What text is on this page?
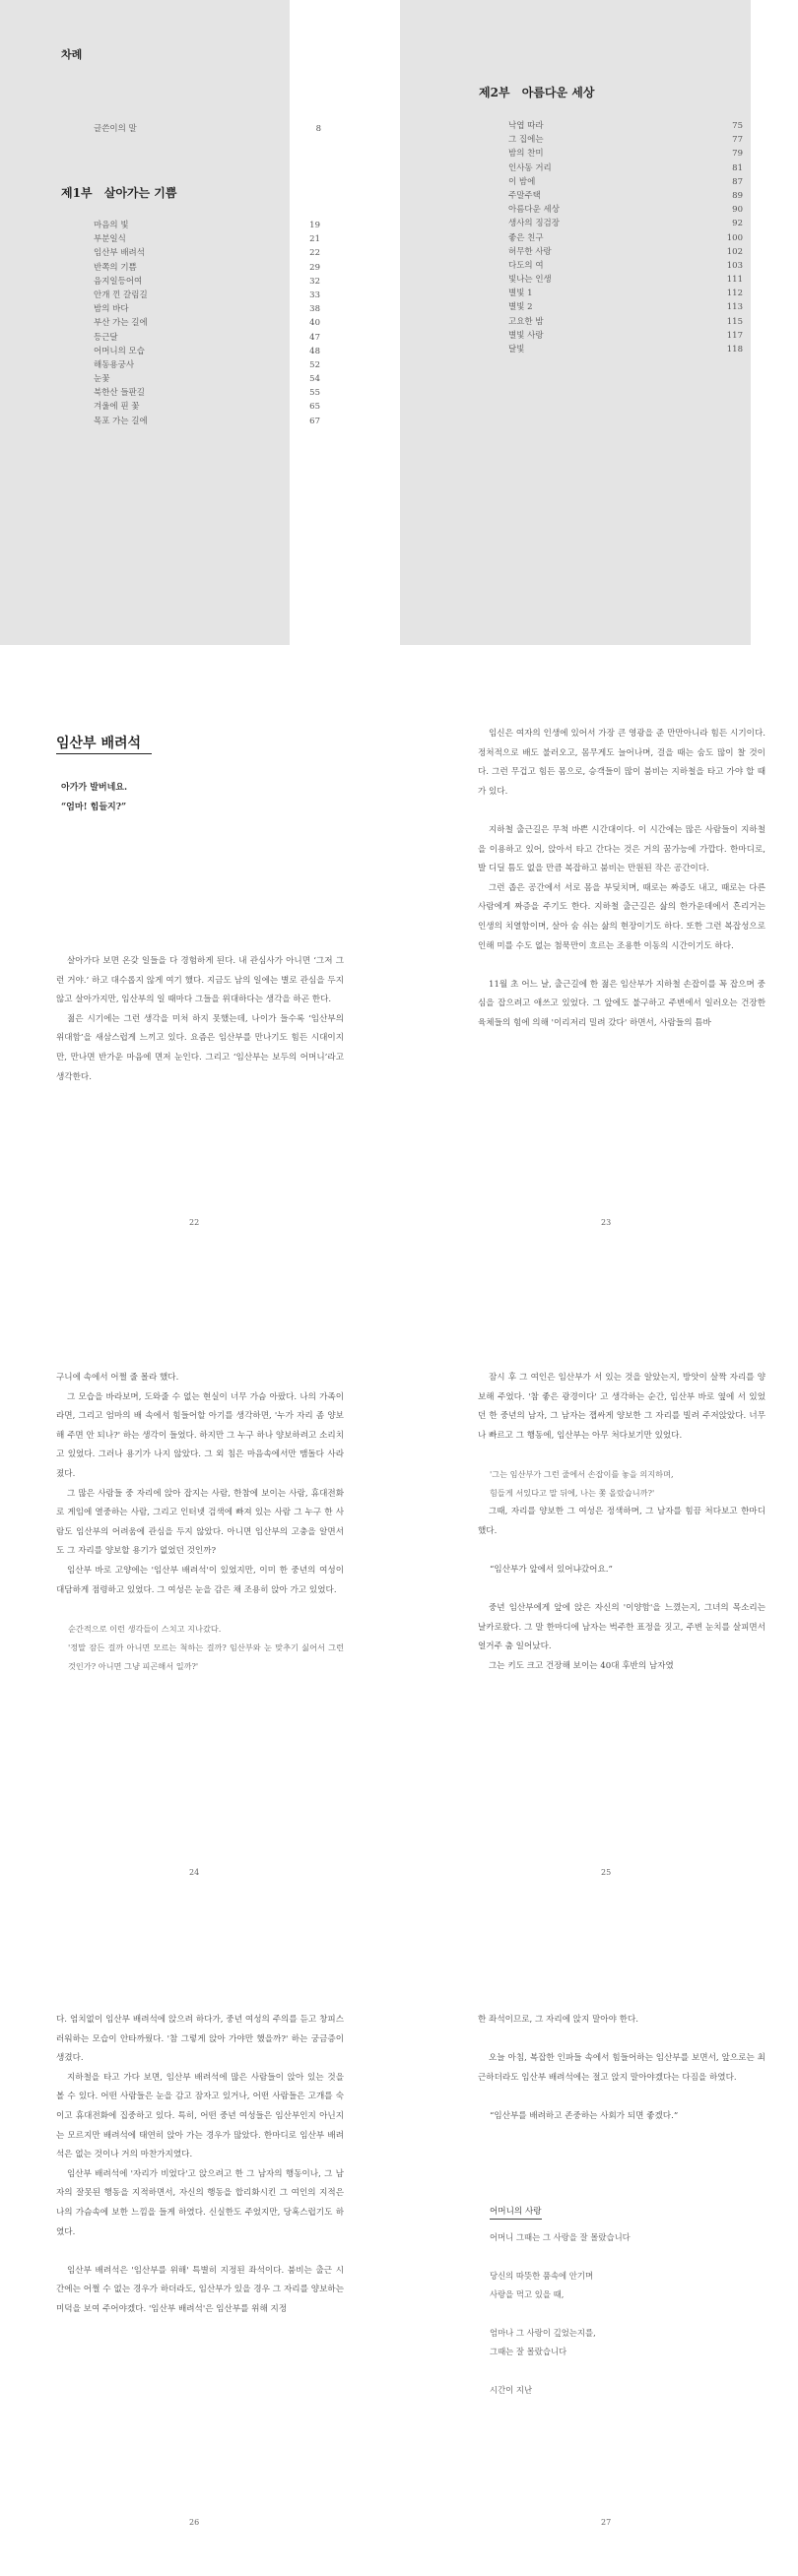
차례
글쓴이의 말	8
제1부 살아가는 기쁨
마음의 빛	19
부분일식	21
임산부 배려석	22
반쪽의 기쁨	29
음지일등어여	32
안개 낀 갈림길	33
밤의 바다	38
부산 가는 길에	40
등근달	47
어머니의 모습	48
해동용궁사	52
눈꽃	54
북한산 들판길	55
겨울에 핀 꽃	65
목포 가는 길에	67
제2부 아름다운 세상
낙엽 따라	75
그 집에는	77
밤의 찬미	79
인사동 거리	81
이 밤에	87
주말주택	89
아름다운 세상	90
생사의 징검장	92
좋은 친구	100
허무한 사랑	102
다도의 여	103
빛나는 인생	111
별빛 1	112
별빛 2	113
고요한 밤	115
별빛 사랑	117
달빛	118
임산부 배려석
아가가 발버네요.
“엄마! 힘들지?”

살아가다 보면 온갖 일들을 다 경험하게 된다. 내 관심사가 아니면 ‘그저 그런 거야.’ 하고 대수롭지 않게 여기 했다. 지금도 남의 일에는 별로 관심을 두지 않고 살아가지만, 임산부의 일 때마다 그들을 위대하다는 생각을 하곤 한다.

젊은 시기에는 그런 생각을 미처 하지 못했는데, 나이가 들수록 ‘임산부의 위대함’을 새삼스럽게 느끼고 있다. 요즘은 임산부를 만나기도 힘든 시대이지만, 만나면 반가운 마음에 면저 눈인다. 그리고 ‘임산부는 보두의 어머니’라고 생각한다.

22

임신은 여자의 인생에 있어서 가장 큰 영광을 준 만만아니라 힘든 시기이다. 정처적으로 배도 불러오고, 몸무게도 늘어나며, 걸을 때는 숨도 많이 찰 것이다. 그런 무겁고 힘든 몸으로, 승객들이 많이 붐비는 지하철을 타고 가야 할 때가 있다.

지하철 출근길은 무척 바쁜 시간대이다. 이 시간에는 많은 사람들이 지하철을 이용하고 있어, 앉아서 타고 간다는 것은 거의 꿈가능에 가깝다. 한마디로, 발 디딜 틈도 없을 만큼 복잡하고 붐비는 만원된 작은 공간이다.

그런 좁은 공간에서 서로 몸을 부딪치며, 때로는 짜증도 내고, 때로는 다른 사람에게 짜증을 주기도 한다. 지하철 출근길은 삶의 한가운데에서 흔리거는 인생의 치열함이며, 살아 숨 쉬는 삶의 현장이기도 하다. 또한 그런 복잡성으로 인해 미를 수도 없는 첨묵만이 흐르는 조용한 이동의 시간이기도 하다.

11월 초 어느 날, 출근길에 한 젊은 임산부가 지하철 손잡이를 꼭 잡으며 중심을 잡으려고 애쓰고 있었다. 그 앞에도 불구하고 주변에서 일러오는 건장한 육체들의 힘에 의해 '이리저리 밀려 갔다' 하면서, 사람들의 틈바

23

구니에 속에서 어쩔 줄 몰라 했다.

그 모습을 바라보며, 도와줄 수 없는 현실이 너무 가슴 아팠다. 나의 가족이라면, 그리고 엄마의 배 속에서 힘들어할 아기를 생각하면, '누가 자리 좀 양보해 주면 안 되나?' 하는 생각이 들었다. 하지만 그 누구 하나 양보하려고 소리치고 있었다. 그러나 용기가 나지 않았다. 그 외 침은 마음속에서만 맴돌다 사라졌다.

그 많은 사람들 중 자리에 앉아 잡지는 사람, 한참에 보이는 사람, 휴대전화로 게임에 열중하는 사람, 그리고 인터넷 검색에 빠져 있는 사람 그 누구 한 사람도 임산부의 어려움에 관심을 두지 않았다. 아니면 임산부의 고충을 알면서도 그 자리를 양보할 용기가 없었던 것인까?

임산부 바로 고양에는 '임산부 배려석'이 있었지만, 이미 한 중년의 여성이 대담하게 점령하고 있었다. 그 여성은 눈을 감은 채 조용히 앉아 가고 있었다.

순간적으로 이런 생각들이 스치고 지나갔다.

'정말 잠든 걸까 아니면 모르는 척하는 걸까? 임산부와 눈 맞추기 싫어서 그런 것인가? 아니면 그냥 피곤해서 일까?'

24

잠시 후 그 여인은 임산부가 서 있는 것을 알았는지, 방앗이 살짝 자리를 양보해 주었다. '참 좋은 광경이다' 고 생각하는 순간, 임산부 바로 옆에 서 있었던 한 중년의 남자, 그 남자는 잽싸게 양보한 그 자리를 빌려 주저앉았다. 너무나 빠르고 그 행동에, 임산부는 아무 처다보기만 있었다.

'그는 임산부가 그런 줄에서 손잡이를 놓을 의지하며,

힘들게 서있다고 말 뒤에, 나는 쫓 올랐습니까?'

그때, 자리를 양보한 그 여성은 정색하며, 그 남자를 힘끔 처다보고 한마디 했다.

“임산부가 앞에서 있어냐갔어요.”

중년 임산부에게 앞에 앉은 자신의 '이양함'을 느꼈는지, 그녀의 목소리는 날카로왔다. 그 말 한마디에 남자는 벅주한 표정을 짓고, 주변 눈치를 살피면서 얼거주 춤 일어났다.

그는 키도 크고 건장해 보이는 40대 후반의 남자였

25

다. 엄치없이 임산부 배려석에 앉으려 하다가, 중년 여성의 주의를 듣고 창피스러워하는 모습이 안타까웠다. '참 그렇게 앉아 가야만 했을까?' 하는 궁금증이 생겼다.

지하철을 타고 가다 보면, 임산부 배려석에 많은 사람들이 앉아 있는 것을 볼 수 있다. 어떤 사람들은 눈을 감고 잠자고 있거나, 어떤 사람들은 고개를 숙이고 휴대전화에 집중하고 있다. 특히, 어떤 중년 여성들은 임산부인지 아닌지는 모르지만 배려석에 태연히 앉아 가는 경우가 많았다. 한마디로 임산부 배려석은 없는 것이나 거의 마찬가지였다.

임산부 배려석에 '자리가 비었다'고 앉으려고 한 그 남자의 행동이나, 그 남자의 잘못된 행동을 지적하면서, 자신의 행동을 합리화시킨 그 여인의 지적은 나의 가슴속에 보한 느낌을 들게 하였다. 신실한도 주었지만, 당혹스럽기도 하였다.

임산부 배려석은 '임산부를 위해' 특별히 지정된 좌석이다. 붐비는 출근 시간에는 어쩔 수 없는 경우가 하더라도, 임산부가 있을 경우 그 자리를 양보하는 미덕을 보여 주어야겠다. '임산부 배려석'은 임산부를 위해 지정

26

한 좌석이므로, 그 자리에 앉지 말아야 한다.

오늘 아침, 복잡한 인파들 속에서 힘들어하는 임산부를 보면서, 앞으로는 최근하더라도 임산부 배려석에는 절고 앉지 말아야겠다는 다짐을 하였다.

“임산부를 배려하고 존중하는 사회가 되면 좋겠다.”

어머니의 사랑
어머니 그때는 그 사랑을 잘 몰랐습니다
당신의 따뜻한 품속에 안기며
사랑을 먹고 있을 때,
엄마나 그 사랑이 깊었는지를,
그때는 잘 몰랐습니다
시간이 지난
27
